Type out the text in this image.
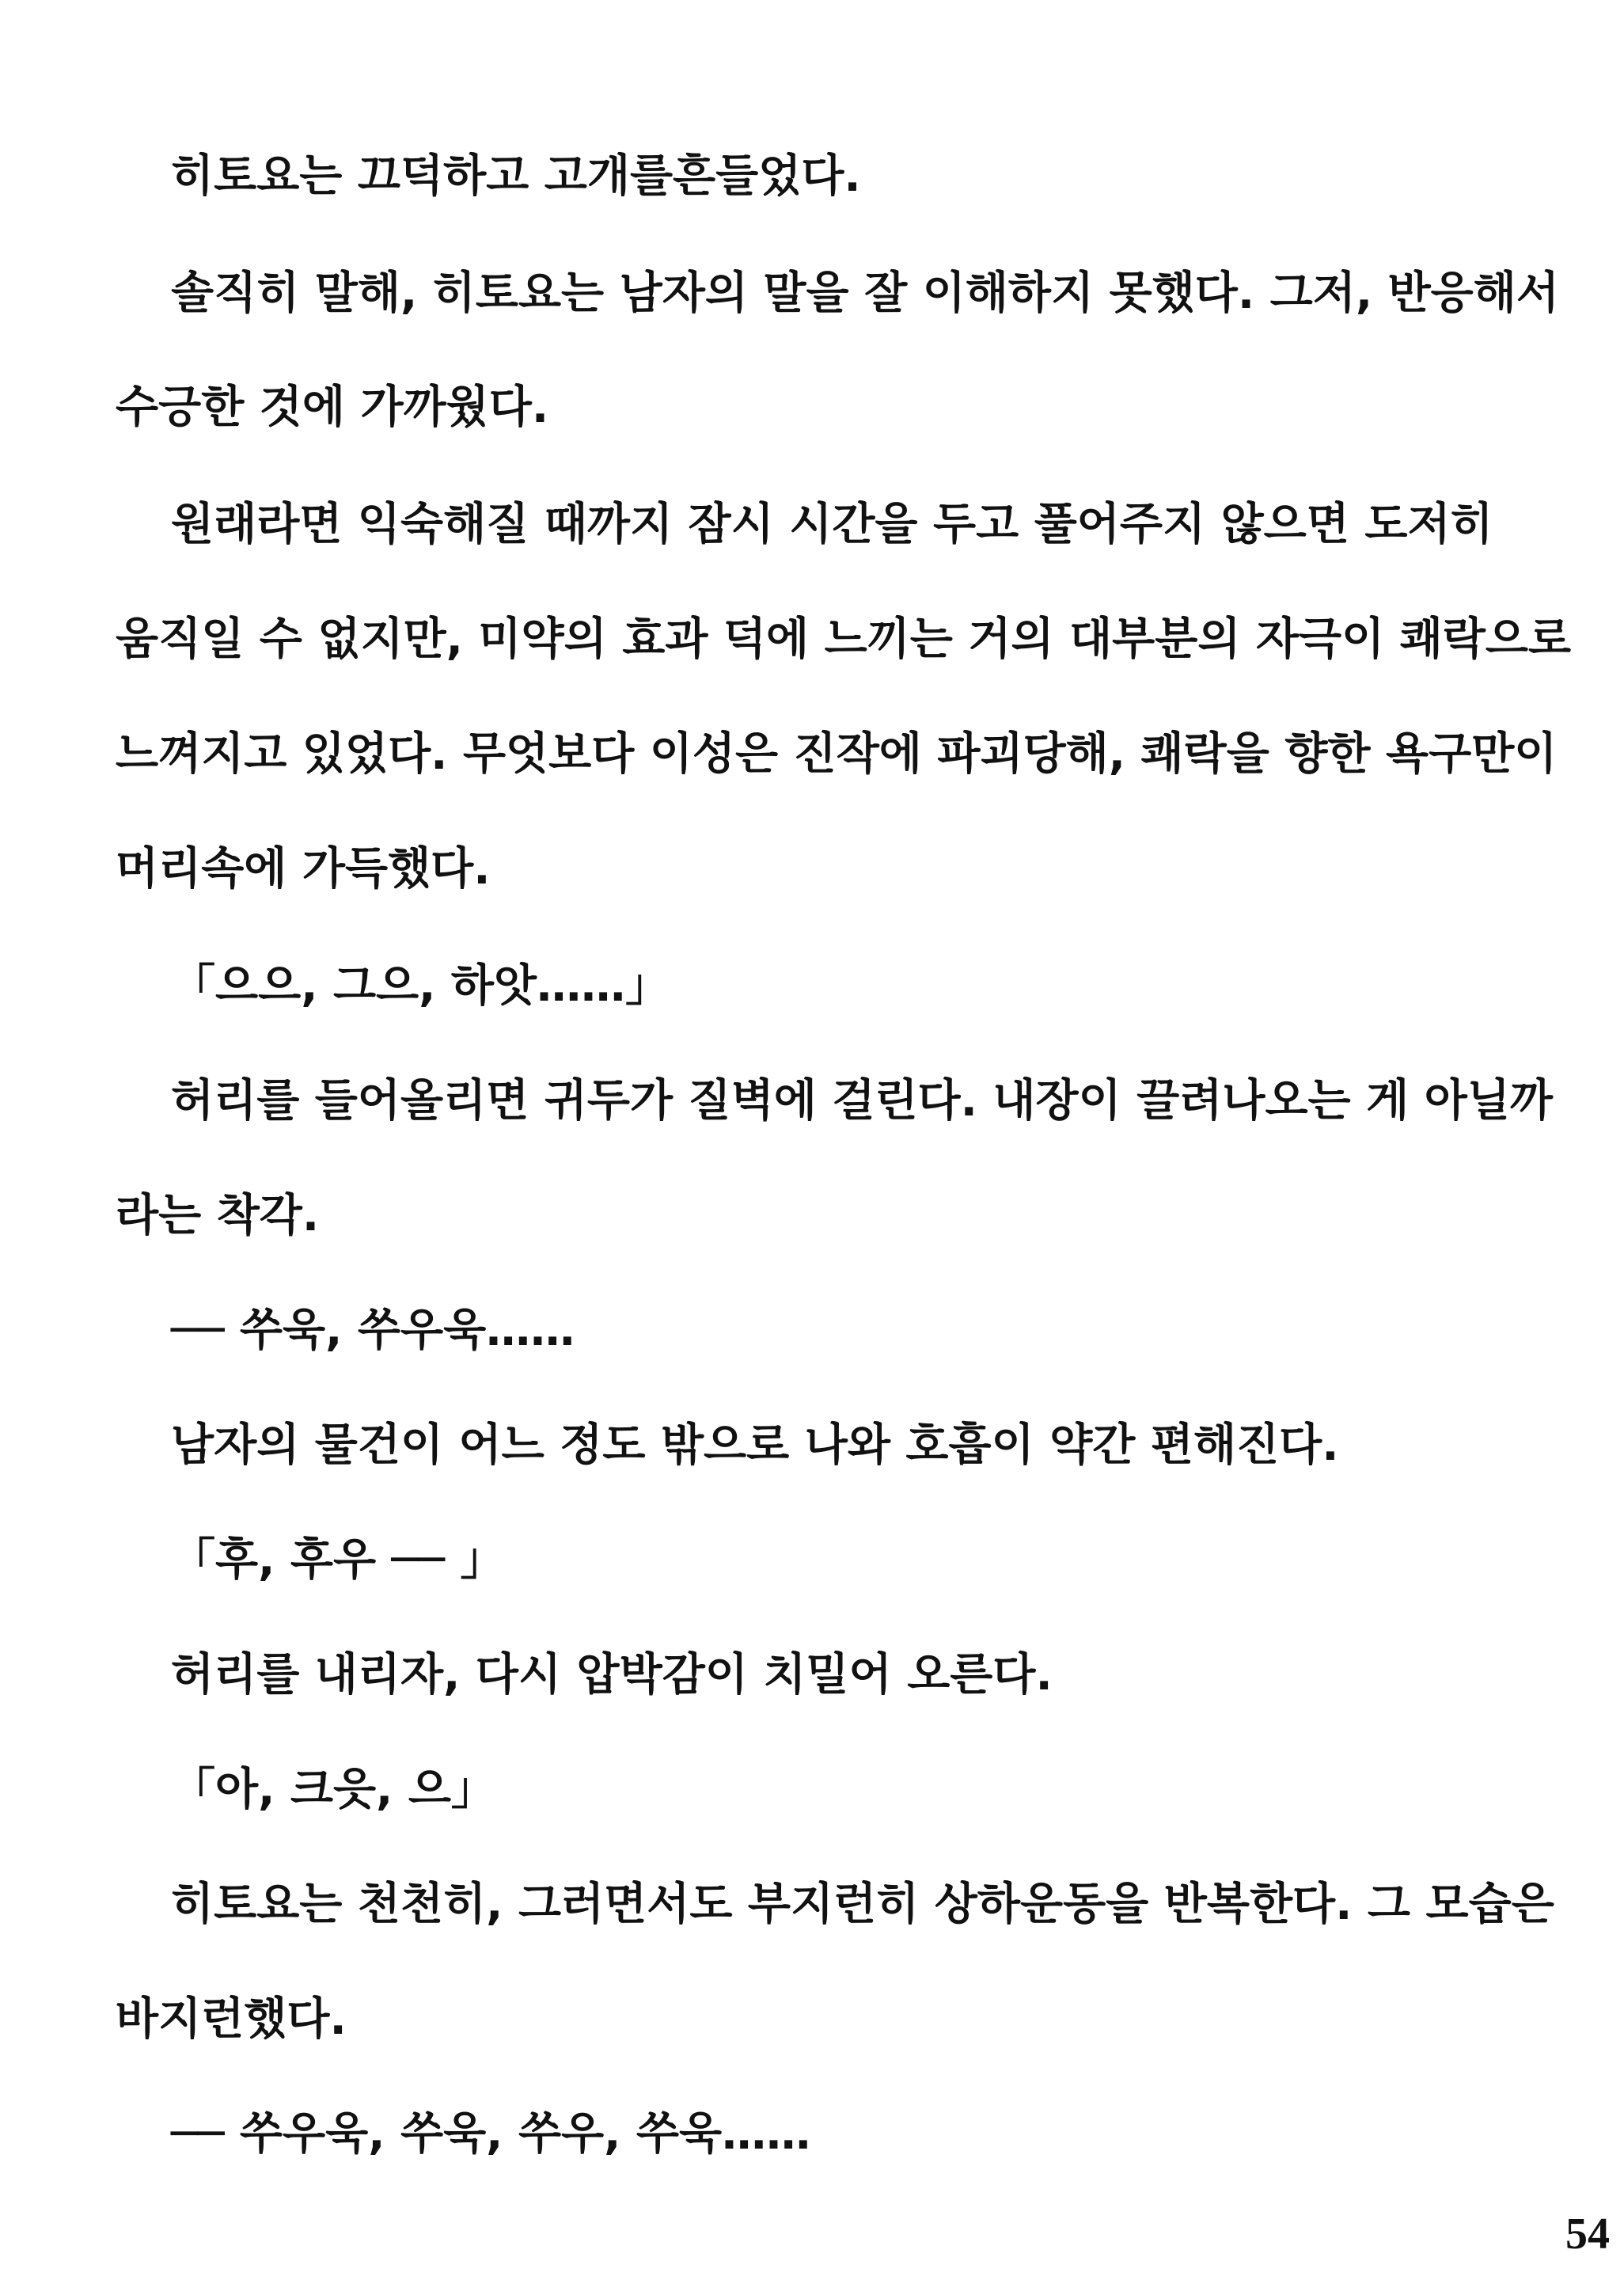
히토요는 끄덕하고 고개를흔들었다.
솔직히 말해, 히토요는 남자의 말을 잘 이해하지 못했다. 그저, 반응해서
수긍한 것에 가까웠다.
원래라면 익숙해질 때까지 잠시 시간을 두고 풀어주지 않으면 도저히
움직일 수 없지만, 미약의 효과 덕에 느끼는 거의 대부분의 자극이 쾌락으로
느껴지고 있었다. 무엇보다 이성은 진작에 파괴당해, 쾌락을 향한 욕구만이
머리속에 가득했다.
「으으, 그으, 하앗……」
허리를 들어올리면 귀두가 질벽에 걸린다. 내장이 끌려나오는 게 아닐까
라는 착각.
── 쑤욱, 쑤우욱……
남자의 물건이 어느 정도 밖으로 나와 호흡이 약간 편해진다.
「후, 후우 ── 」
허리를 내리자, 다시 압박감이 치밀어 오른다.
「아, 크읏, 으」
히토요는 천천히, 그러면서도 부지런히 상하운동을 반복한다. 그 모습은
바지런했다.
── 쑤우욱, 쑤욱, 쑤우, 쑤욱……
54
